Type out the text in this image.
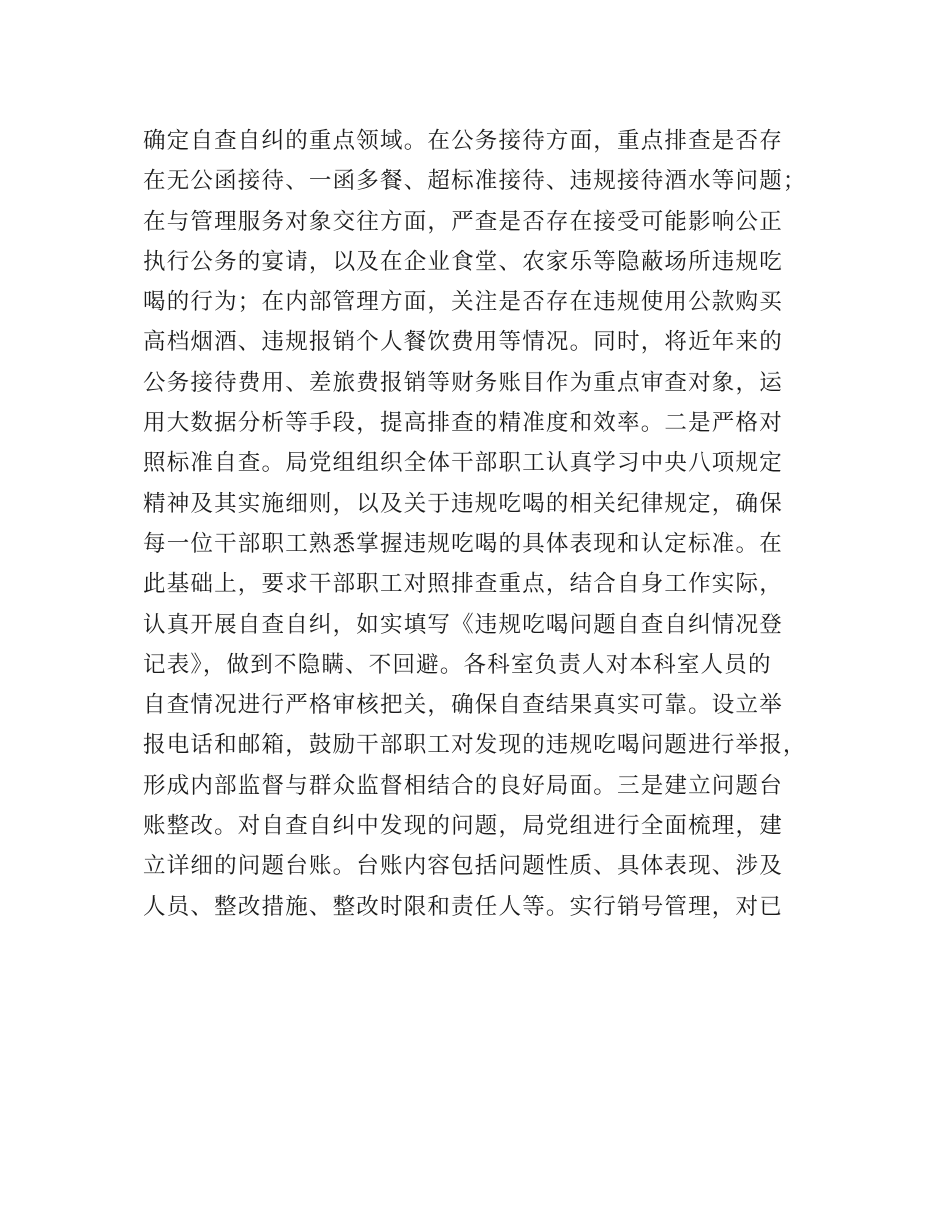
确定自查自纠的重点领域。在公务接待方面，重点排查是否存
在无公函接待、一函多餐、超标准接待、违规接待酒水等问题；
在与管理服务对象交往方面，严查是否存在接受可能影响公正
执行公务的宴请，以及在企业食堂、农家乐等隐蔽场所违规吃
喝的行为；在内部管理方面，关注是否存在违规使用公款购买
高档烟酒、违规报销个人餐饮费用等情况。同时，将近年来的
公务接待费用、差旅费报销等财务账目作为重点审查对象，运
用大数据分析等手段，提高排查的精准度和效率。二是严格对
照标准自查。局党组组织全体干部职工认真学习中央八项规定
精神及其实施细则，以及关于违规吃喝的相关纪律规定，确保
每一位干部职工熟悉掌握违规吃喝的具体表现和认定标准。在
此基础上，要求干部职工对照排查重点，结合自身工作实际，
认真开展自查自纠，如实填写《违规吃喝问题自查自纠情况登
记表》，做到不隐瞒、不回避。各科室负责人对本科室人员的
自查情况进行严格审核把关，确保自查结果真实可靠。设立举
报电话和邮箱，鼓励干部职工对发现的违规吃喝问题进行举报，
形成内部监督与群众监督相结合的良好局面。三是建立问题台
账整改。对自查自纠中发现的问题，局党组进行全面梳理，建
立详细的问题台账。台账内容包括问题性质、具体表现、涉及
人员、整改措施、整改时限和责任人等。实行销号管理，对已
